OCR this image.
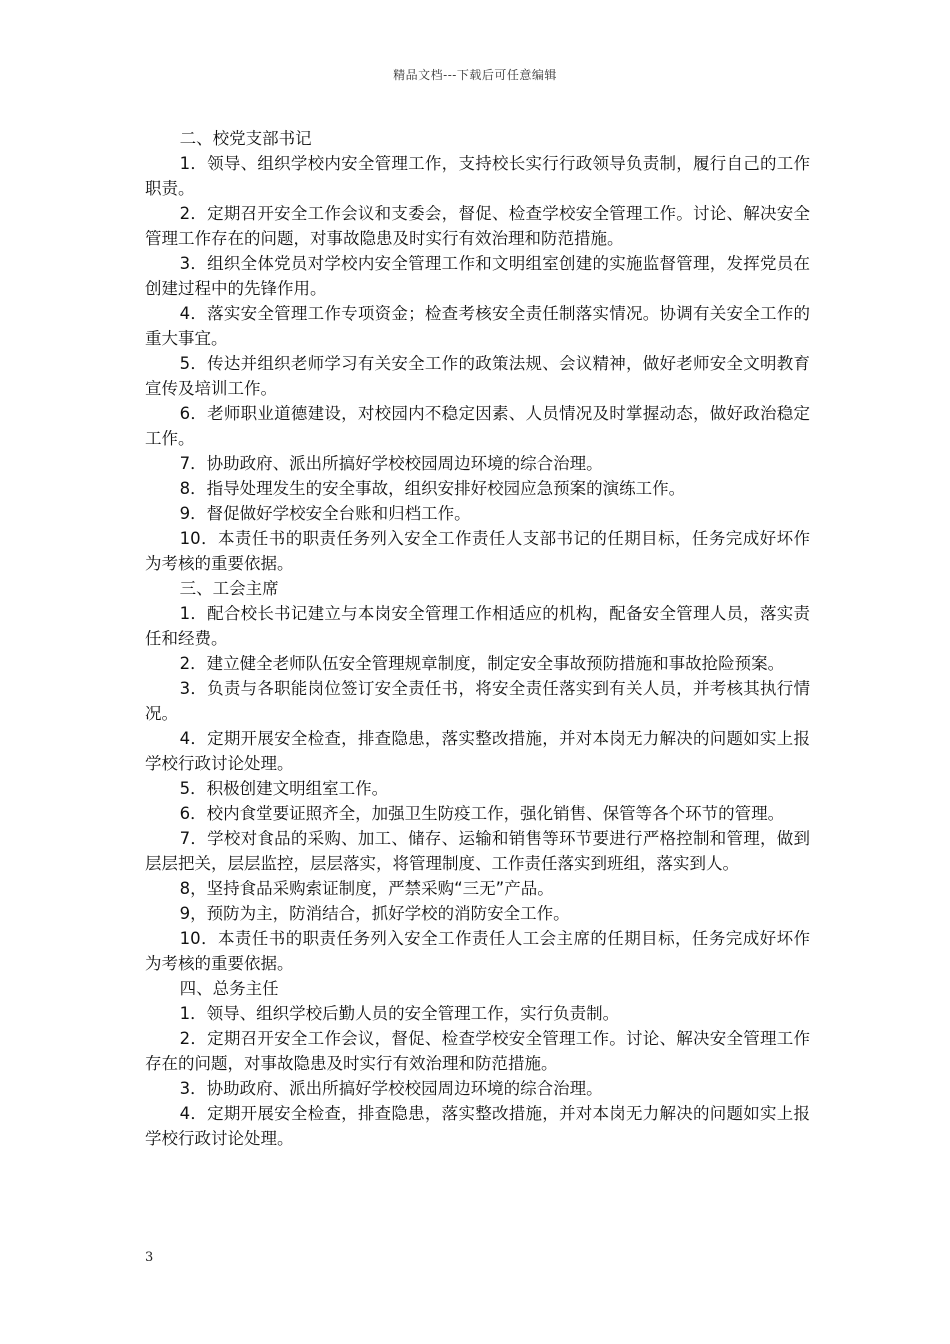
精品文档---下载后可任意编辑

二、校党支部书记

1．领导、组织学校内安全管理工作，支持校长实行行政领导负责制，履行自己的工作职责。

2．定期召开安全工作会议和支委会，督促、检查学校安全管理工作。讨论、解决安全管理工作存在的问题，对事故隐患及时实行有效治理和防范措施。

3．组织全体党员对学校内安全管理工作和文明组室创建的实施监督管理，发挥党员在创建过程中的先锋作用。

4．落实安全管理工作专项资金；检查考核安全责任制落实情况。协调有关安全工作的重大事宜。

5．传达并组织老师学习有关安全工作的政策法规、会议精神，做好老师安全文明教育宣传及培训工作。

6．老师职业道德建设，对校园内不稳定因素、人员情况及时掌握动态，做好政治稳定工作。

7．协助政府、派出所搞好学校校园周边环境的综合治理。

8．指导处理发生的安全事故，组织安排好校园应急预案的演练工作。

9．督促做好学校安全台账和归档工作。

10．本责任书的职责任务列入安全工作责任人支部书记的任期目标，任务完成好坏作为考核的重要依据。

三、工会主席

1．配合校长书记建立与本岗安全管理工作相适应的机构，配备安全管理人员，落实责任和经费。

2．建立健全老师队伍安全管理规章制度，制定安全事故预防措施和事故抢险预案。

3．负责与各职能岗位签订安全责任书，将安全责任落实到有关人员，并考核其执行情况。

4．定期开展安全检查，排查隐患，落实整改措施，并对本岗无力解决的问题如实上报学校行政讨论处理。

5．积极创建文明组室工作。

6．校内食堂要证照齐全，加强卫生防疫工作，强化销售、保管等各个环节的管理。

7．学校对食品的采购、加工、储存、运输和销售等环节要进行严格控制和管理，做到层层把关，层层监控，层层落实，将管理制度、工作责任落实到班组，落实到人。

8，坚持食品采购索证制度，严禁采购“三无”产品。

9，预防为主，防消结合，抓好学校的消防安全工作。

10．本责任书的职责任务列入安全工作责任人工会主席的任期目标，任务完成好坏作为考核的重要依据。

四、总务主任

1．领导、组织学校后勤人员的安全管理工作，实行负责制。

2．定期召开安全工作会议，督促、检查学校安全管理工作。讨论、解决安全管理工作存在的问题，对事故隐患及时实行有效治理和防范措施。

3．协助政府、派出所搞好学校校园周边环境的综合治理。

4．定期开展安全检查，排查隐患，落实整改措施，并对本岗无力解决的问题如实上报学校行政讨论处理。

3
